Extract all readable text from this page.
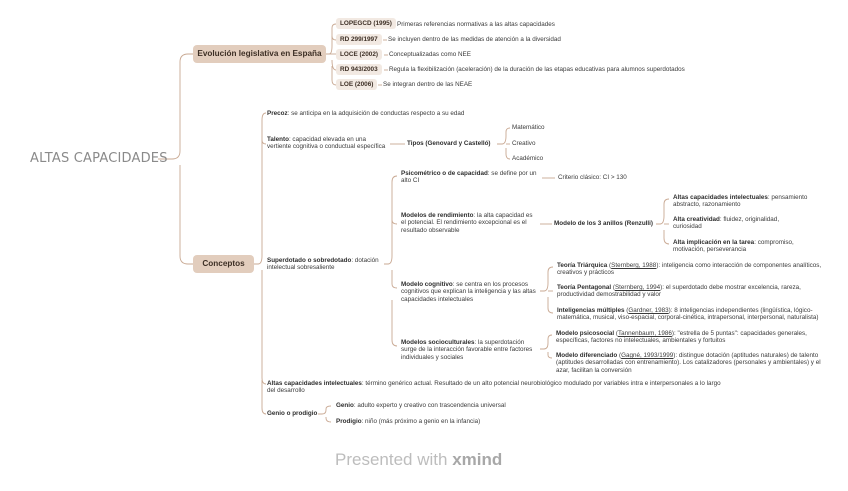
ALTAS CAPACIDADES
Evolución legislativa en España
LOPEGCD (1995) Primeras referencias normativas a las altas capacidades
RD 299/1997	Se incluyen dentro de las medidas de atención a la diversidad
LOCE (2002)	Conceptualizadas como NEE
RD 943/2003	Regula la flexibilización (aceleración) de la duración de las etapas educativas para alumnos superdotados
LOE (2006)	Se integran dentro de las NEAE
Conceptos
Precoz: se anticipa en la adquisición de conductas respecto a su edad
Talento: capacidad elevada en una
vertiente cognitiva o conductual específica	Tipos (Genovard y Castelló)
Matemático
Creativo
Académico
Superdotado o sobredotado: dotación
intelectual sobresaliente
Psicométrico o de capacidad: se define por un
alto CI	Criterio clásico: CI > 130
Modelos de rendimiento: la alta capacidad es
el potencial. El rendimiento excepcional es el
resultado observable
Modelo de los 3 anillos (Renzulli)
Altas capacidades intelectuales: pensamiento
abstracto, razonamiento
Alta creatividad: fluidez, originalidad,
curiosidad
Alta implicación en la tarea: compromiso,
motivación, perseverancia
Modelo cognitivo: se centra en los procesos
cognitivos que explican la inteligencia y las altas
capacidades intelectuales
Teoría Triárquica (Sternberg, 1988): inteligencia como interacción de componentes analíticos,
creativos y prácticos
Teoría Pentagonal (Sternberg, 1994): el superdotado debe mostrar excelencia, rareza,
productividad demostrabilidad y valor
Inteligencias múltiples (Gardner, 1983): 8 inteligencias independientes (lingüística, lógico-
matemática, musical, viso-espacial, corporal-cinética, intrapersonal, interpersonal, naturalista)
Modelos socioculturales: la superdotación
surge de la interacción favorable entre factores
individuales y sociales
Modelo psicosocial (Tannenbaum, 1986): "estrella de 5 puntas": capacidades generales,
específicas, factores no intelectuales, ambientales y fortuitos
Modelo diferenciado (Gagné, 1993/1999): distingue dotación (aptitudes naturales) de talento
(aptitudes desarrolladas con entrenamiento). Los catalizadores (personales y ambientales) y el
azar, facilitan la conversión
Altas capacidades intelectuales: término genérico actual. Resultado de un alto potencial neurobiológico modulado por variables intra e interpersonales a lo largo
del desarrollo
Genio o prodigio
Genio: adulto experto y creativo con trascendencia universal
Prodigio: niño (más próximo a genio en la infancia)
Presented with xmind
